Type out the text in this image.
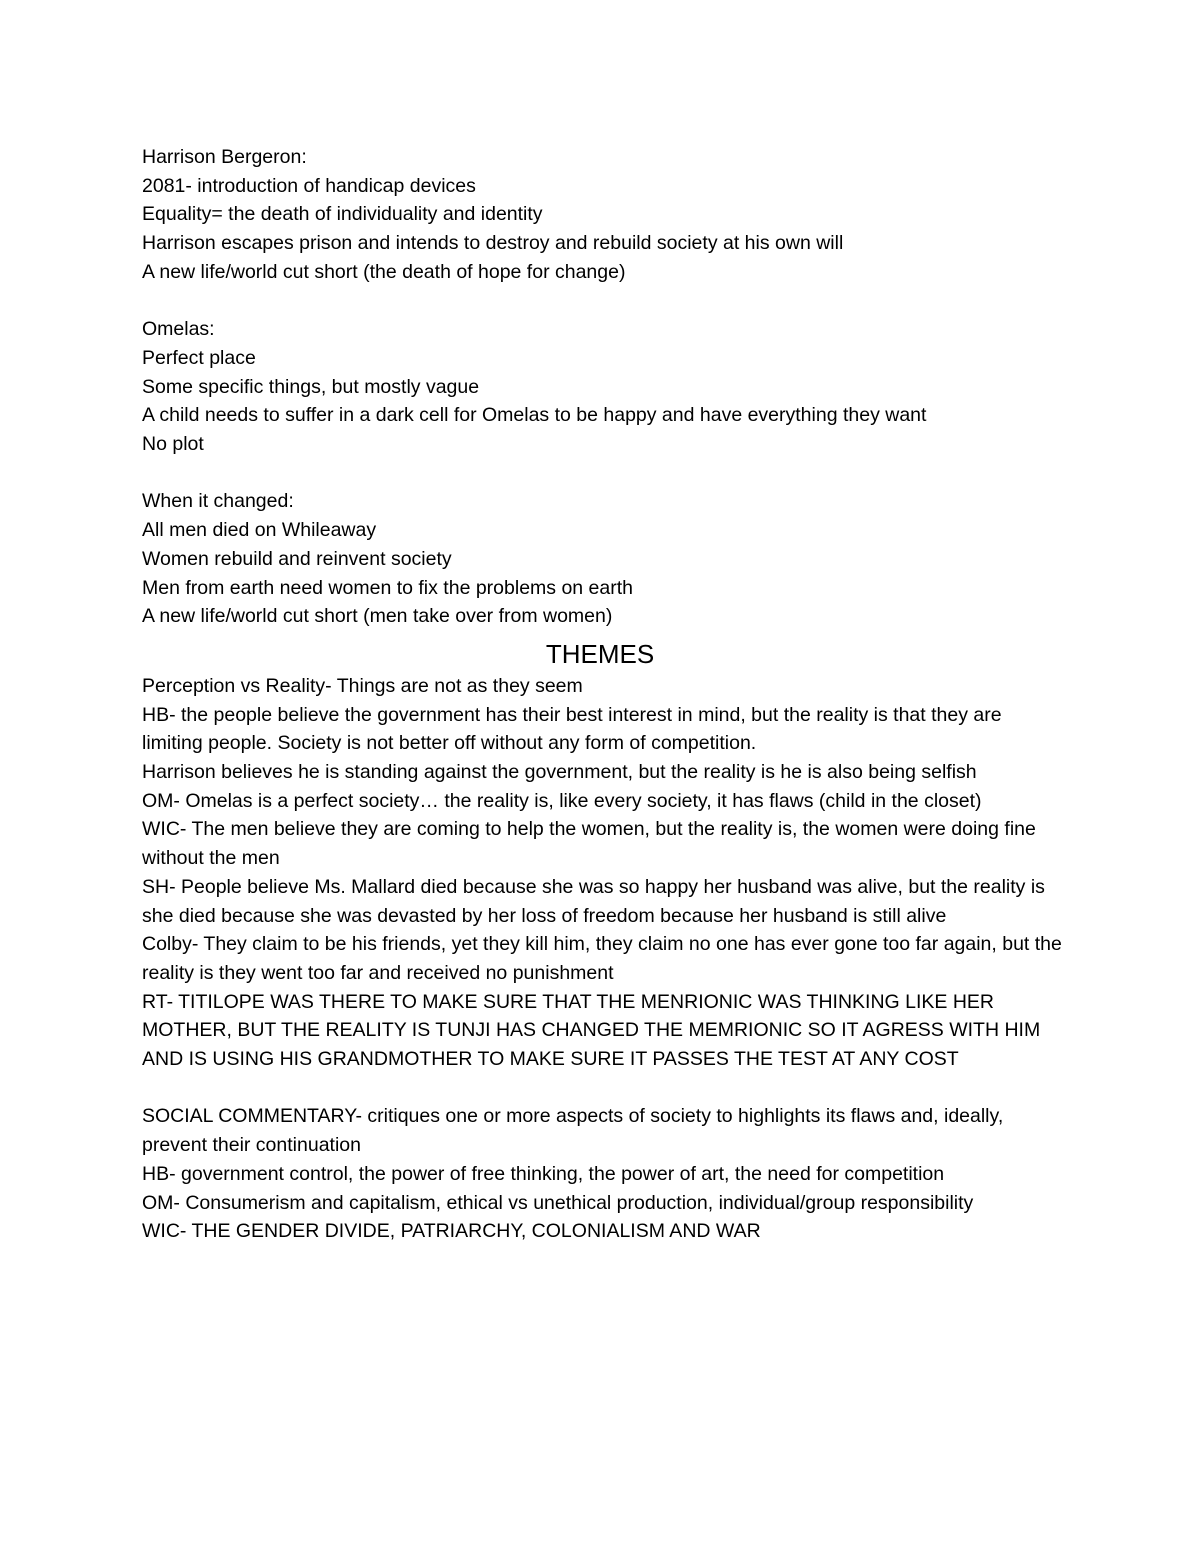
Harrison Bergeron:
2081- introduction of handicap devices
Equality= the death of individuality and identity
Harrison escapes prison and intends to destroy and rebuild society at his own will
A new life/world cut short (the death of hope for change)
Omelas:
Perfect place
Some specific things, but mostly vague
A child needs to suffer in a dark cell for Omelas to be happy and have everything they want
No plot
When it changed:
All men died on Whileaway
Women rebuild and reinvent society
Men from earth need women to fix the problems on earth
A new life/world cut short (men take over from women)
THEMES
Perception vs Reality- Things are not as they seem
HB- the people believe the government has their best interest in mind, but the reality is that they are limiting people. Society is not better off without any form of competition.
Harrison believes he is standing against the government, but the reality is he is also being selfish
OM- Omelas is a perfect society… the reality is, like every society, it has flaws (child in the closet)
WIC- The men believe they are coming to help the women, but the reality is, the women were doing fine without the men
SH- People believe Ms. Mallard died because she was so happy her husband was alive, but the reality is she died because she was devasted by her loss of freedom because her husband is still alive
Colby- They claim to be his friends, yet they kill him, they claim no one has ever gone too far again, but the reality is they went too far and received no punishment
RT- TITILOPE WAS THERE TO MAKE SURE THAT THE MENRIONIC WAS THINKING LIKE HER MOTHER, BUT THE REALITY IS TUNJI HAS CHANGED THE MEMRIONIC SO IT AGRESS WITH HIM AND IS USING HIS GRANDMOTHER TO MAKE SURE IT PASSES THE TEST AT ANY COST
SOCIAL COMMENTARY- critiques one or more aspects of society to highlights its flaws and, ideally, prevent their continuation
HB- government control, the power of free thinking, the power of art, the need for competition
OM- Consumerism and capitalism, ethical vs unethical production, individual/group responsibility
WIC- THE GENDER DIVIDE, PATRIARCHY, COLONIALISM AND WAR
